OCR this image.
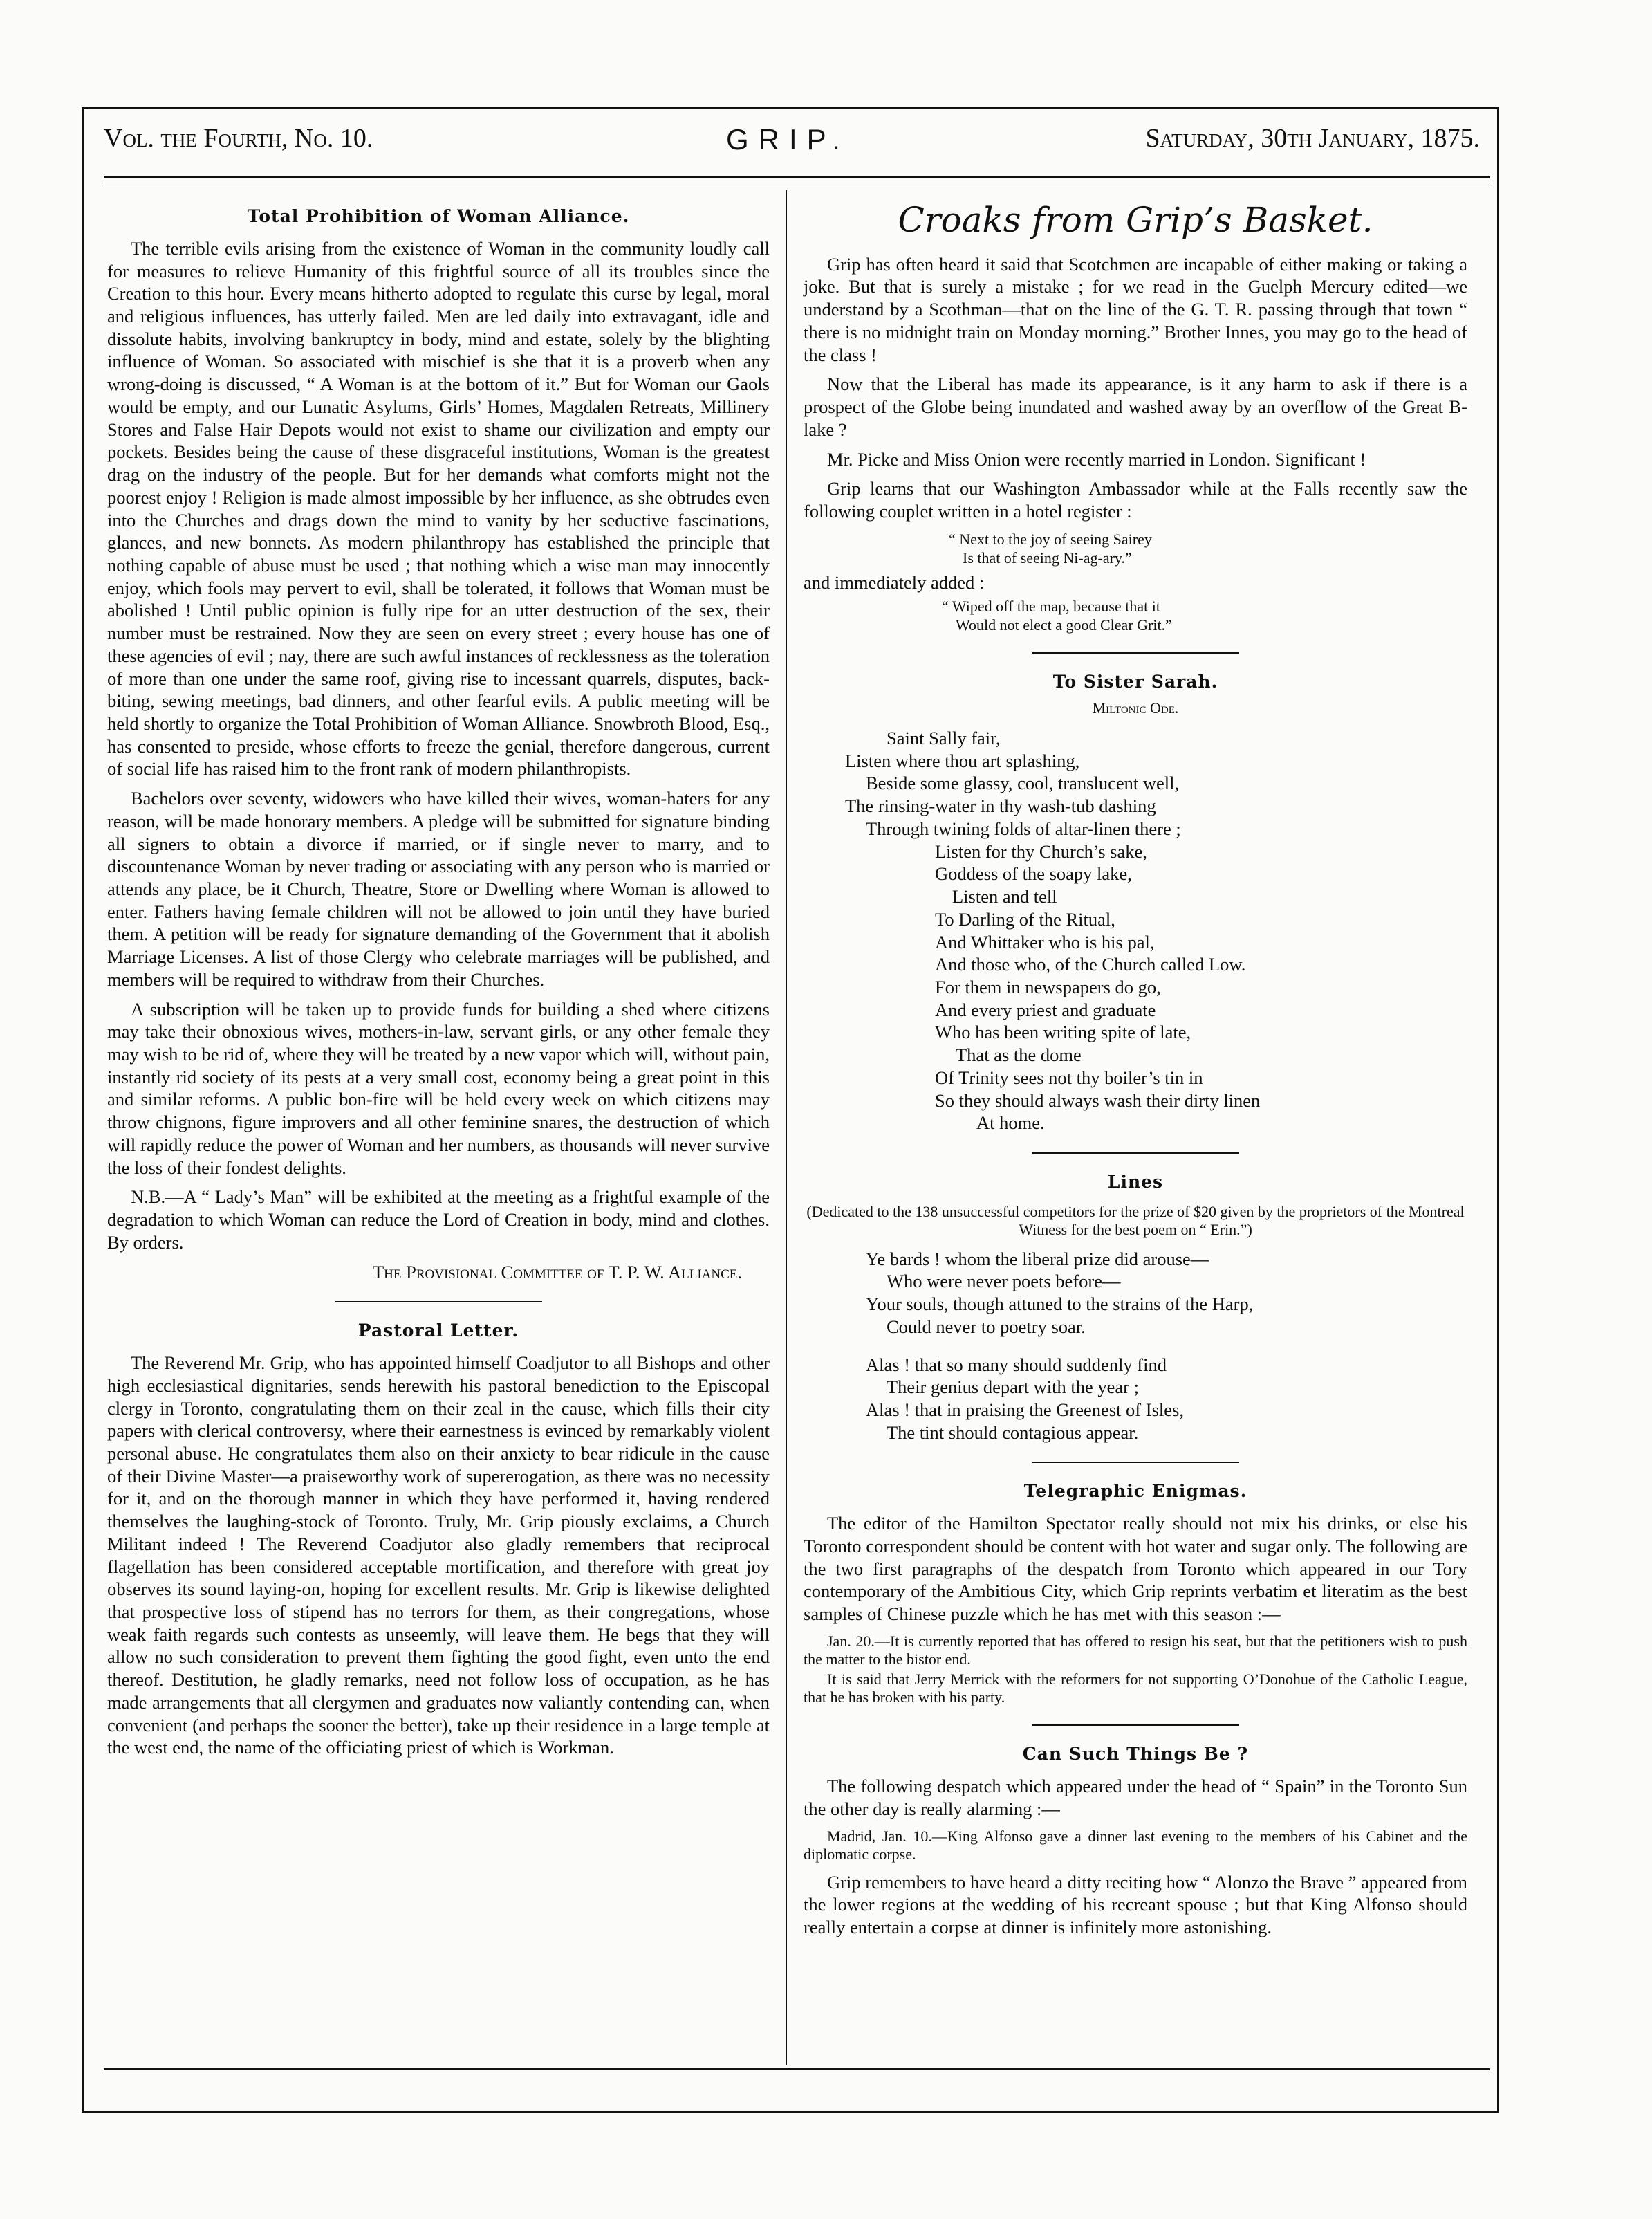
Vol. the Fourth, No. 10.	GRIP.	Saturday, 30th January, 1875.
Total Prohibition of Woman Alliance.

The terrible evils arising from the existence of Woman in the community loudly call for measures to relieve Humanity of this frightful source of all its troubles since the Creation to this hour. Every means hitherto adopted to regulate this curse by legal, moral and religious influences, has utterly failed. Men are led daily into extravagant, idle and dissolute habits, involving bankruptcy in body, mind and estate, solely by the blighting influence of Woman. So associated with mischief is she that it is a proverb when any wrong-doing is discussed, “ A Woman is at the bottom of it.” But for Woman our Gaols would be empty, and our Lunatic Asylums, Girls’ Homes, Magdalen Retreats, Millinery Stores and False Hair Depots would not exist to shame our civilization and empty our pockets. Besides being the cause of these disgraceful institutions, Woman is the greatest drag on the industry of the people. But for her demands what comforts might not the poorest enjoy ! Religion is made almost impossible by her influence, as she obtrudes even into the Churches and drags down the mind to vanity by her seductive fascinations, glances, and new bonnets. As modern philanthropy has established the principle that nothing capable of abuse must be used ; that nothing which a wise man may innocently enjoy, which fools may pervert to evil, shall be tolerated, it follows that Woman must be abolished ! Until public opinion is fully ripe for an utter destruction of the sex, their number must be restrained. Now they are seen on every street ; every house has one of these agencies of evil ; nay, there are such awful instances of recklessness as the toleration of more than one under the same roof, giving rise to incessant quarrels, disputes, back-biting, sewing meetings, bad dinners, and other fearful evils. A public meeting will be held shortly to organize the Total Prohibition of Woman Alliance. Snowbroth Blood, Esq., has consented to preside, whose efforts to freeze the genial, therefore dangerous, current of social life has raised him to the front rank of modern philanthropists.

Bachelors over seventy, widowers who have killed their wives, woman-haters for any reason, will be made honorary members. A pledge will be submitted for signature binding all signers to obtain a divorce if married, or if single never to marry, and to discountenance Woman by never trading or associating with any person who is married or attends any place, be it Church, Theatre, Store or Dwelling where Woman is allowed to enter. Fathers having female children will not be allowed to join until they have buried them. A petition will be ready for signature demanding of the Government that it abolish Marriage Licenses. A list of those Clergy who celebrate marriages will be published, and members will be required to withdraw from their Churches.

A subscription will be taken up to provide funds for building a shed where citizens may take their obnoxious wives, mothers-in-law, servant girls, or any other female they may wish to be rid of, where they will be treated by a new vapor which will, without pain, instantly rid society of its pests at a very small cost, economy being a great point in this and similar reforms. A public bon-fire will be held every week on which citizens may throw chignons, figure improvers and all other feminine snares, the destruction of which will rapidly reduce the power of Woman and her numbers, as thousands will never survive the loss of their fondest delights.

N.B.—A “ Lady’s Man” will be exhibited at the meeting as a frightful example of the degradation to which Woman can reduce the Lord of Creation in body, mind and clothes. By orders.

The Provisional Committee of T. P. W. Alliance.
Pastoral Letter.

The Reverend Mr. Grip, who has appointed himself Coadjutor to all Bishops and other high ecclesiastical dignitaries, sends herewith his pastoral benediction to the Episcopal clergy in Toronto, congratulating them on their zeal in the cause, which fills their city papers with clerical controversy, where their earnestness is evinced by remarkably violent personal abuse. He congratulates them also on their anxiety to bear ridicule in the cause of their Divine Master—a praiseworthy work of supererogation, as there was no necessity for it, and on the thorough manner in which they have performed it, having rendered themselves the laughing-stock of Toronto. Truly, Mr. Grip piously exclaims, a Church Militant indeed ! The Reverend Coadjutor also gladly remembers that reciprocal flagellation has been considered acceptable mortification, and therefore with great joy observes its sound laying-on, hoping for excellent results. Mr. Grip is likewise delighted that prospective loss of stipend has no terrors for them, as their congregations, whose weak faith regards such contests as unseemly, will leave them. He begs that they will allow no such consideration to prevent them fighting the good fight, even unto the end thereof. Destitution, he gladly remarks, need not follow loss of occupation, as he has made arrangements that all clergymen and graduates now valiantly contending can, when convenient (and perhaps the sooner the better), take up their residence in a large temple at the west end, the name of the officiating priest of which is Workman.

Croaks from Grip’s Basket.

Grip has often heard it said that Scotchmen are incapable of either making or taking a joke. But that is surely a mistake ; for we read in the Guelph Mercury edited—we understand by a Scothman—that on the line of the G. T. R. passing through that town “ there is no midnight train on Monday morning.” Brother Innes, you may go to the head of the class !

Now that the Liberal has made its appearance, is it any harm to ask if there is a prospect of the Globe being inundated and washed away by an overflow of the Great B-lake ?

Mr. Picke and Miss Onion were recently married in London. Significant !

Grip learns that our Washington Ambassador while at the Falls recently saw the following couplet written in a hotel register :

“ Next to the joy of seeing Sairey
Is that of seeing Ni-ag-ary.”

and immediately added :

“ Wiped off the map, because that it
Would not elect a good Clear Grit.”
To Sister Sarah.
Miltonic Ode.
Saint Sally fair,
Listen where thou art splashing,
Beside some glassy, cool, translucent well,
The rinsing-water in thy wash-tub dashing
Through twining folds of altar-linen there ;
Listen for thy Church’s sake,
Goddess of the soapy lake,
Listen and tell
To Darling of the Ritual,
And Whittaker who is his pal,
And those who, of the Church called Low.
For them in newspapers do go,
And every priest and graduate
Who has been writing spite of late,
That as the dome
Of Trinity sees not thy boiler’s tin in
So they should always wash their dirty linen
At home.
Lines
(Dedicated to the 138 unsuccessful competitors for the prize of $20 given by the proprietors of the Montreal Witness for the best poem on “ Erin.”)
Ye bards ! whom the liberal prize did arouse—
Who were never poets before—
Your souls, though attuned to the strains of the Harp,
Could never to poetry soar.
Alas ! that so many should suddenly find
Their genius depart with the year ;
Alas ! that in praising the Greenest of Isles,
The tint should contagious appear.
Telegraphic Enigmas.

The editor of the Hamilton Spectator really should not mix his drinks, or else his Toronto correspondent should be content with hot water and sugar only. The following are the two first paragraphs of the despatch from Toronto which appeared in our Tory contemporary of the Ambitious City, which Grip reprints verbatim et literatim as the best samples of Chinese puzzle which he has met with this season :—

Jan. 20.—It is currently reported that has offered to resign his seat, but that the petitioners wish to push the matter to the bistor end.

It is said that Jerry Merrick with the reformers for not supporting O’Donohue of the Catholic League, that he has broken with his party.

Can Such Things Be ?

The following despatch which appeared under the head of “ Spain” in the Toronto Sun the other day is really alarming :—

Madrid, Jan. 10.—King Alfonso gave a dinner last evening to the members of his Cabinet and the diplomatic corpse.

Grip remembers to have heard a ditty reciting how “ Alonzo the Brave ” appeared from the lower regions at the wedding of his recreant spouse ; but that King Alfonso should really entertain a corpse at dinner is infinitely more astonishing.
